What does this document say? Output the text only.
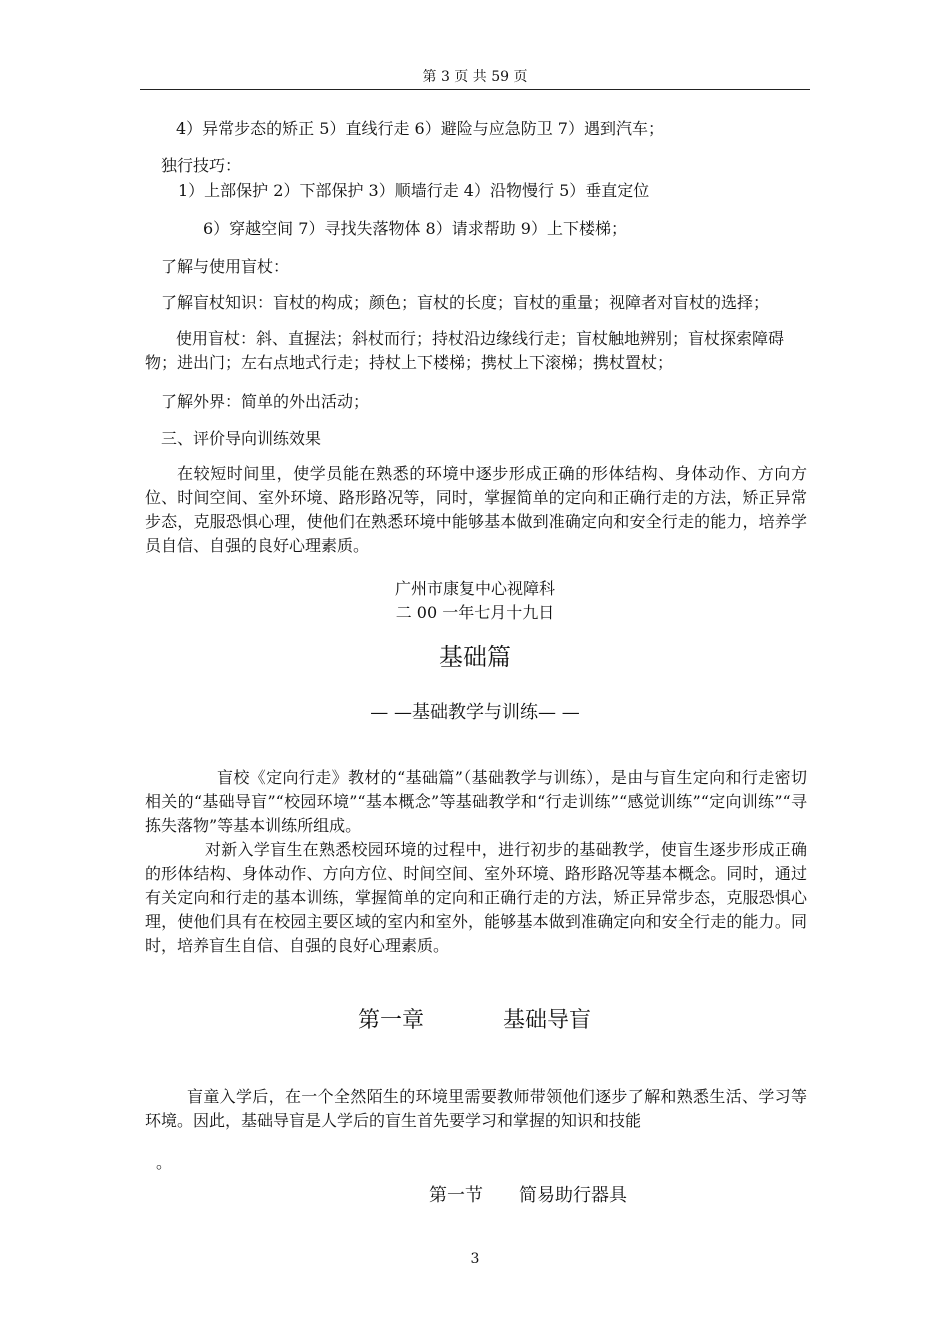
第 3 页 共 59 页
4）异常步态的矫正 5）直线行走 6）避险与应急防卫 7）遇到汽车；
独行技巧：
1）上部保护 2）下部保护 3）顺墙行走 4）沿物慢行 5）垂直定位
6）穿越空间 7）寻找失落物体 8）请求帮助 9）上下楼梯；
了解与使用盲杖：
了解盲杖知识：盲杖的构成；颜色；盲杖的长度；盲杖的重量；视障者对盲杖的选择；
使用盲杖：斜、直握法；斜杖而行；持杖沿边缘线行走；盲杖触地辨别；盲杖探索障碍
物；进出门；左右点地式行走；持杖上下楼梯；携杖上下滚梯；携杖置杖；
了解外界：简单的外出活动；
三、评价导向训练效果
在较短时间里，使学员能在熟悉的环境中逐步形成正确的形体结构、身体动作、方向方位、时间空间、室外环境、路形路况等，同时，掌握简单的定向和正确行走的方法，矫正异常步态，克服恐惧心理，使他们在熟悉环境中能够基本做到准确定向和安全行走的能力，培养学员自信、自强的良好心理素质。
广州市康复中心视障科
二 00 一年七月十九日
基础篇
— —基础教学与训练— —
盲校《定向行走》教材的“基础篇”（基础教学与训练），是由与盲生定向和行走密切相关的“基础导盲”“校园环境”“基本概念”等基础教学和“行走训练”“感觉训练”“定向训练”“寻拣失落物”等基本训练所组成。
对新入学盲生在熟悉校园环境的过程中，进行初步的基础教学，使盲生逐步形成正确的形体结构、身体动作、方向方位、时间空间、室外环境、路形路况等基本概念。同时，通过有关定向和行走的基本训练，掌握简单的定向和正确行走的方法，矫正异常步态，克服恐惧心理，使他们具有在校园主要区域的室内和室外，能够基本做到准确定向和安全行走的能力。同时，培养盲生自信、自强的良好心理素质。
第一章	基础导盲
盲童入学后，在一个全然陌生的环境里需要教师带领他们逐步了解和熟悉生活、学习等环境。因此，基础导盲是人学后的盲生首先要学习和掌握的知识和技能
。
第一节 简易助行器具
3
